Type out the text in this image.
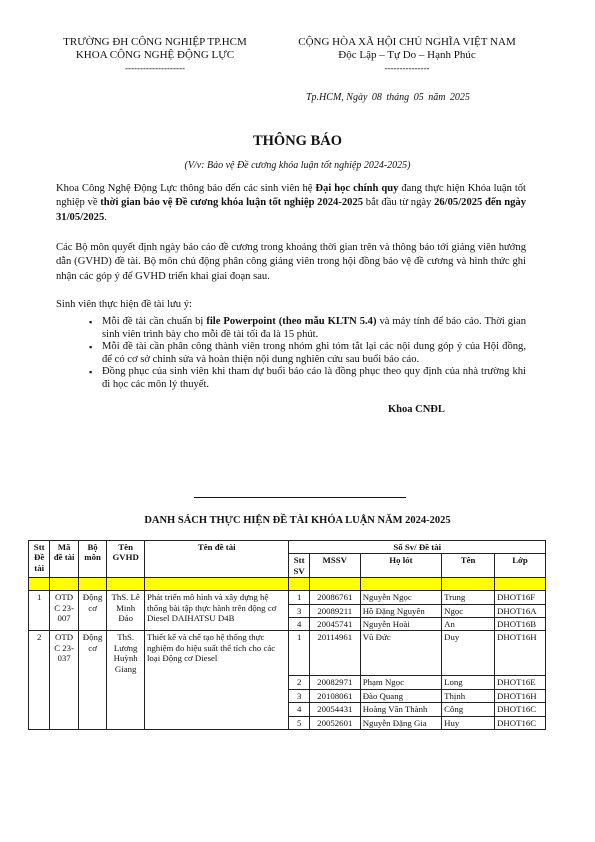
TRƯỜNG ĐH CÔNG NGHIỆP TP.HCM
KHOA CÔNG NGHỆ ĐỘNG LỰC
--------------------
CỘNG HÒA XÃ HỘI CHỦ NGHĨA VIỆT NAM
Độc Lập – Tự Do – Hạnh Phúc
---------------
Tp.HCM, Ngày 08 tháng 05 năm 2025
THÔNG BÁO
(V/v: Bảo vệ Đề cương khóa luận tốt nghiệp 2024-2025)
Khoa Công Nghệ Động Lực thông báo đến các sinh viên hệ Đại học chính quy đang thực hiện Khóa luận tốt nghiệp về thời gian bảo vệ Đề cương khóa luận tốt nghiệp 2024-2025 bắt đầu từ ngày 26/05/2025 đến ngày 31/05/2025.
Các Bộ môn quyết định ngày báo cáo đề cương trong khoảng thời gian trên và thông báo tới giảng viên hướng dẫn (GVHD) đề tài. Bộ môn chủ động phân công giảng viên trong hội đồng bảo vệ đề cương và hình thức ghi nhận các góp ý để GVHD triển khai giai đoạn sau.
Sinh viên thực hiện đề tài lưu ý:
▪ Mỗi đề tài cần chuẩn bị file Powerpoint (theo mẫu KLTN 5.4) và máy tính để báo cáo. Thời gian sinh viên trình bày cho mỗi đề tài tối đa là 15 phút.
▪ Mỗi đề tài cần phân công thành viên trong nhóm ghi tóm tắt lại các nội dung góp ý của Hội đồng, để có cơ sở chỉnh sửa và hoàn thiện nội dung nghiên cứu sau buổi báo cáo.
▪ Đồng phục của sinh viên khi tham dự buổi báo cáo là đồng phục theo quy định của nhà trường khi đi học các môn lý thuyết.
Khoa CNĐL
DANH SÁCH THỰC HIỆN ĐỀ TÀI KHÓA LUẬN NĂM 2024-2025
Stt Đề tài	Mã đề tài	Bộ môn	Tên GVHD	Tên đề tài	Số Sv/ Đề tài				
					Stt SV	MSSV	Họ lót	Tên	Lớp

1	OTDC 23-007	Động cơ	ThS. Lê Minh Đảo	Phát triển mô hình và xây dựng hệ thống bài tập thực hành trên động cơ Diesel DAIHATSU D4B	1	20086761	Nguyễn Ngọc	Trung	DHOT16F
					3	20089211	Hồ Đặng Nguyên	Ngọc	DHOT16A
					4	20045741	Nguyễn Hoài	An	DHOT16B
2	OTDC 23-037	Động cơ	ThS. Lương Huỳnh Giang	Thiết kế và chế tạo hệ thống thực nghiệm đo hiệu suất thể tích cho các loại Động cơ Diesel	1	20114961	Vũ Đức	Duy	DHOT16H
					2	20082971	Phạm Ngọc	Long	DHOT16E
					3	20108061	Đào Quang	Thịnh	DHOT16H
					4	20054431	Hoàng Văn Thành	Công	DHOT16C
					5	20052601	Nguyễn Đặng Gia	Huy	DHOT16C
